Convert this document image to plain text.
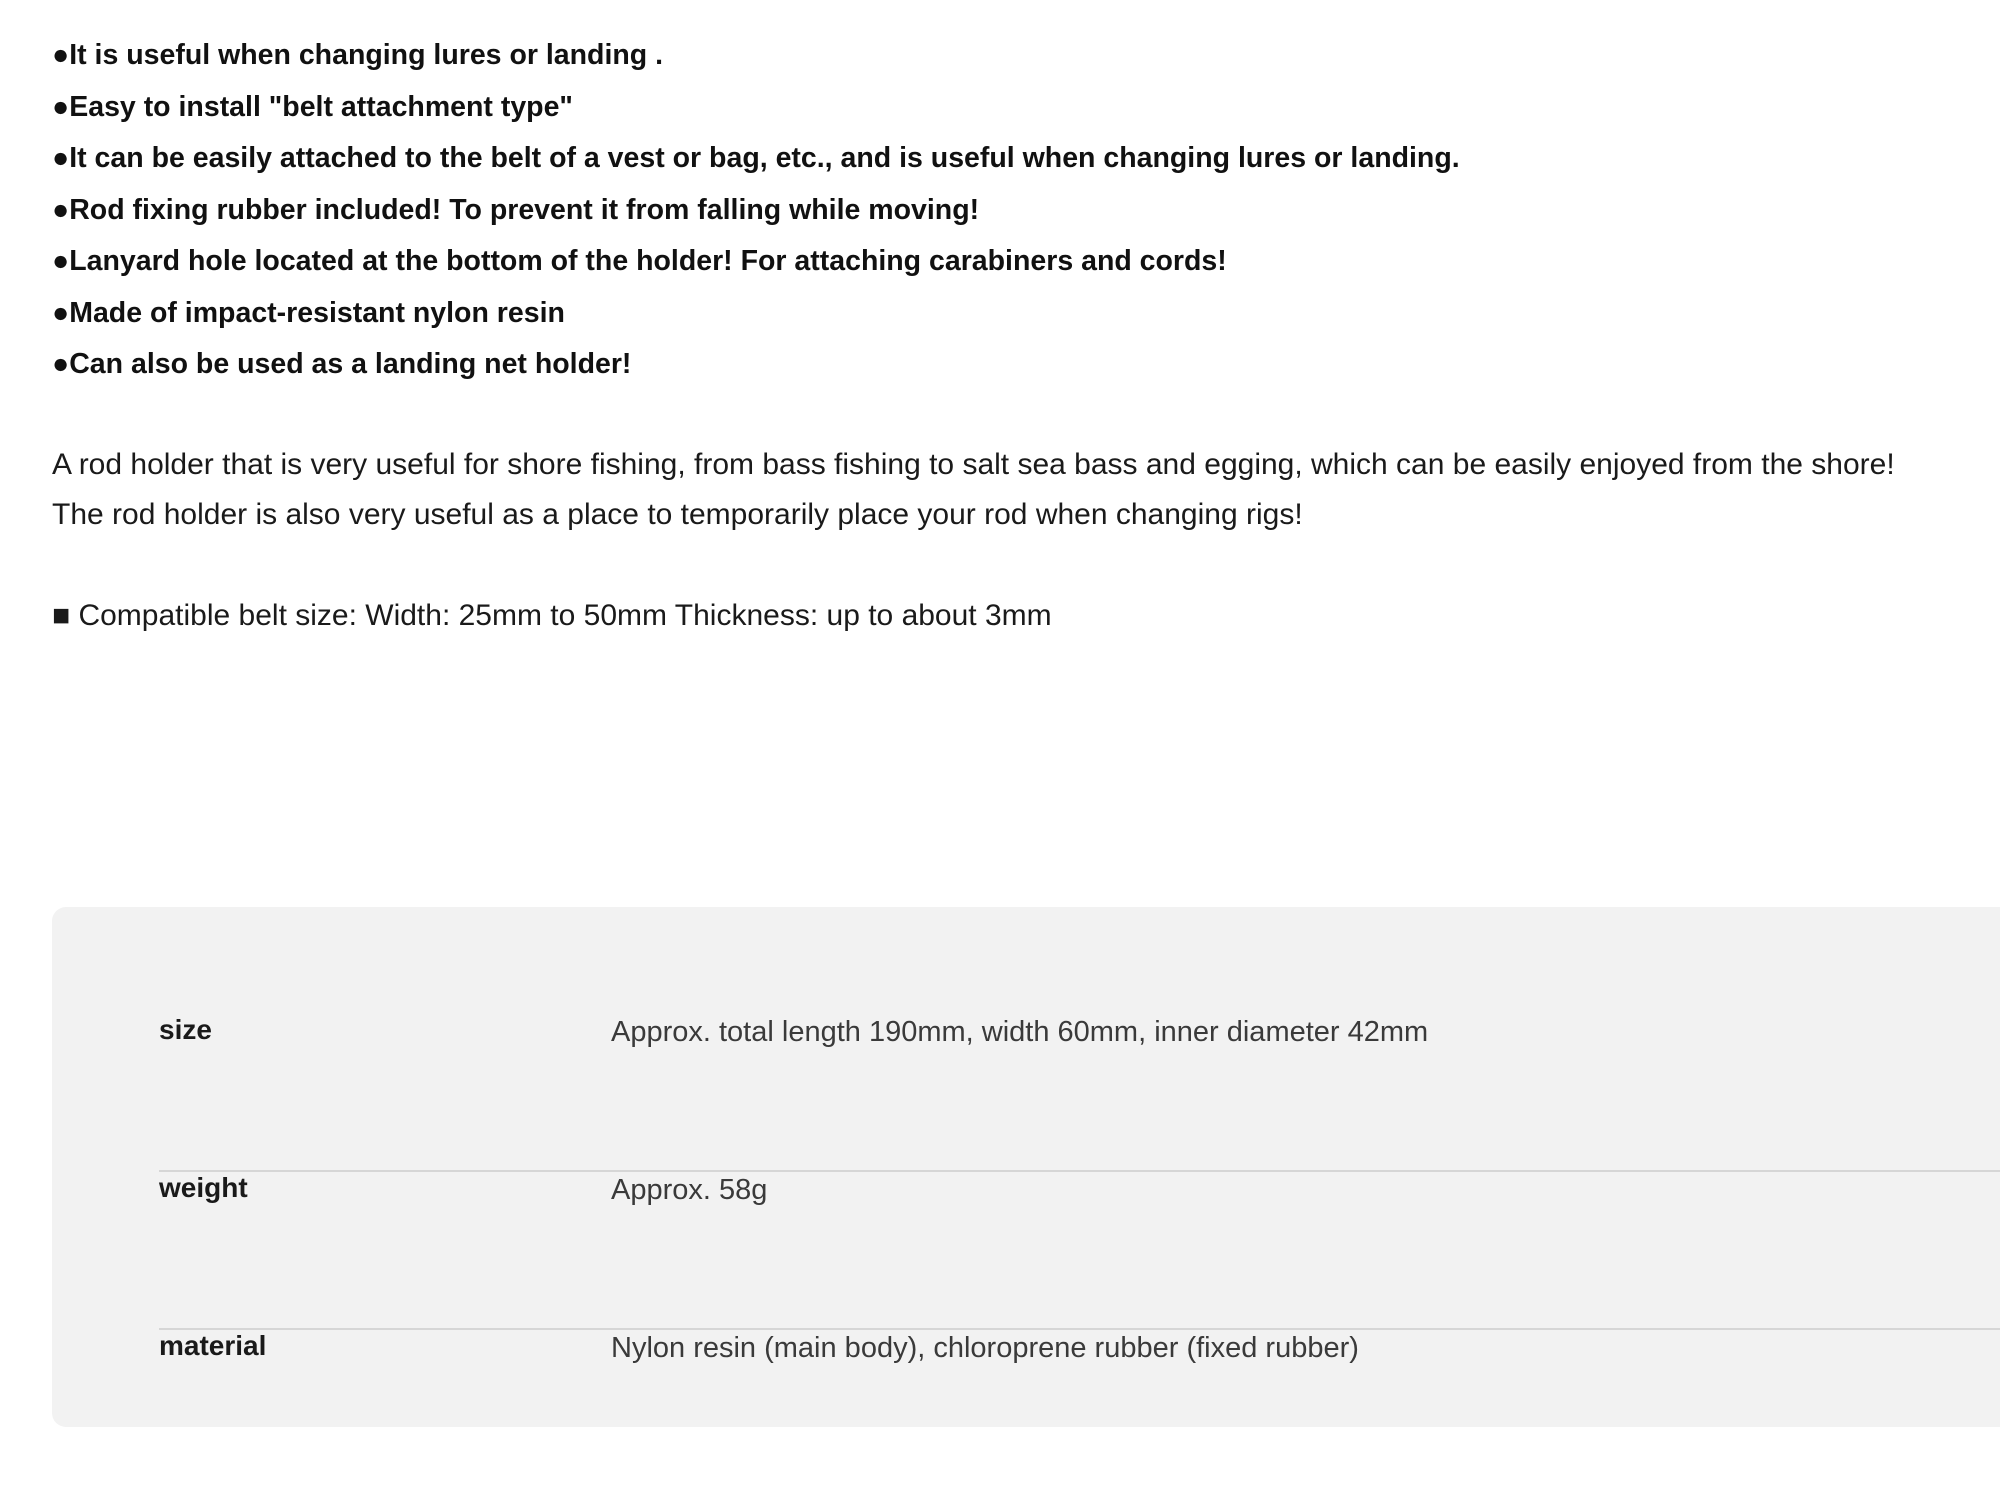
●It is useful when changing lures or landing .
●Easy to install "belt attachment type"
●It can be easily attached to the belt of a vest or bag, etc., and is useful when changing lures or landing.
●Rod fixing rubber included! To prevent it from falling while moving!
●Lanyard hole located at the bottom of the holder! For attaching carabiners and cords!
●Made of impact-resistant nylon resin
●Can also be used as a landing net holder!

A rod holder that is very useful for shore fishing, from bass fishing to salt sea bass and egging, which can be easily enjoyed from the shore!

The rod holder is also very useful as a place to temporarily place your rod when changing rigs!

■ Compatible belt size: Width: 25mm to 50mm Thickness: up to about 3mm
size	Approx. total length 190mm, width 60mm, inner diameter 42mm
weight	Approx. 58g
material	Nylon resin (main body), chloroprene rubber (fixed rubber)
